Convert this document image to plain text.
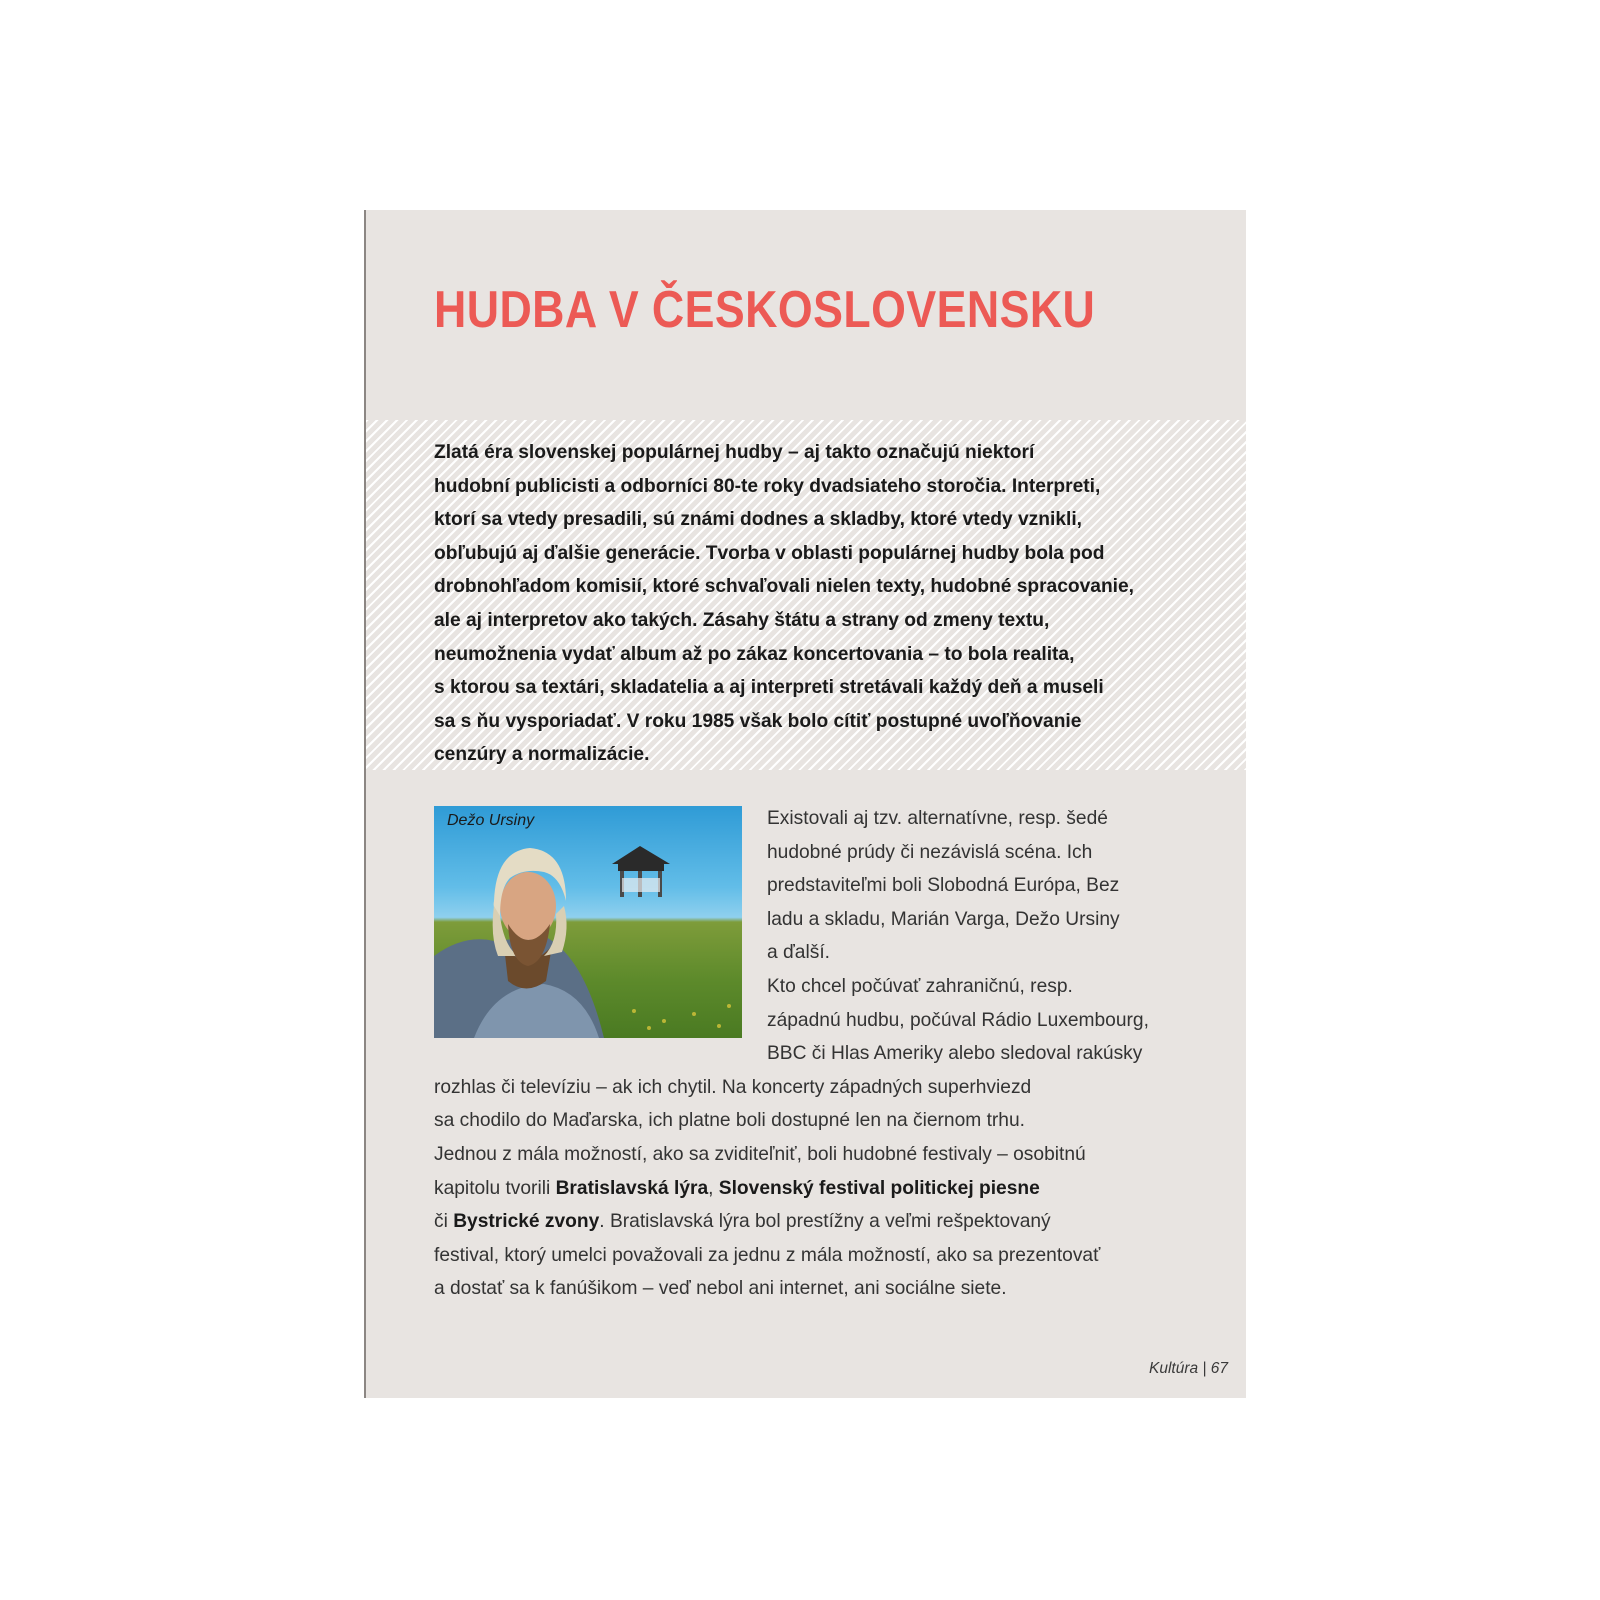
HUDBA V ČESKOSLOVENSKU

Zlatá éra slovenskej populárnej hudby – aj takto označujú niektorí
hudobní publicisti a odborníci 80-te roky dvadsiateho storočia. Interpreti,
ktorí sa vtedy presadili, sú známi dodnes a skladby, ktoré vtedy vznikli,
obľubujú aj ďalšie generácie. Tvorba v oblasti populárnej hudby bola pod
drobnohľadom komisií, ktoré schvaľovali nielen texty, hudobné spracovanie,
ale aj interpretov ako takých. Zásahy štátu a strany od zmeny textu,
neumožnenia vydať album až po zákaz koncertovania – to bola realita,
s ktorou sa textári, skladatelia a aj interpreti stretávali každý deň a museli
sa s ňu vysporiadať. V roku 1985 však bolo cítiť postupné uvoľňovanie
cenzúry a normalizácie.

Dežo Ursiny	Existovali aj tzv. alternatívne, resp. šedé
hudobné prúdy či nezávislá scéna. Ich
predstaviteľmi boli Slobodná Európa, Bez
ladu a skladu, Marián Varga, Dežo Ursiny
a ďalší.
Kto chcel počúvať zahraničnú, resp.
západnú hudbu, počúval Rádio Luxembourg,
BBC či Hlas Ameriky alebo sledoval rakúsky
rozhlas či televíziu – ak ich chytil. Na koncerty západných superhviezd
sa chodilo do Maďarska, ich platne boli dostupné len na čiernom trhu.
Jednou z mála možností, ako sa zviditeľniť, boli hudobné festivaly – osobitnú
kapitolu tvorili Bratislavská lýra, Slovenský festival politickej piesne
či Bystrické zvony. Bratislavská lýra bol prestížny a veľmi rešpektovaný
festival, ktorý umelci považovali za jednu z mála možností, ako sa prezentovať
a dostať sa k fanúšikom – veď nebol ani internet, ani sociálne siete.

Kultúra | 67
